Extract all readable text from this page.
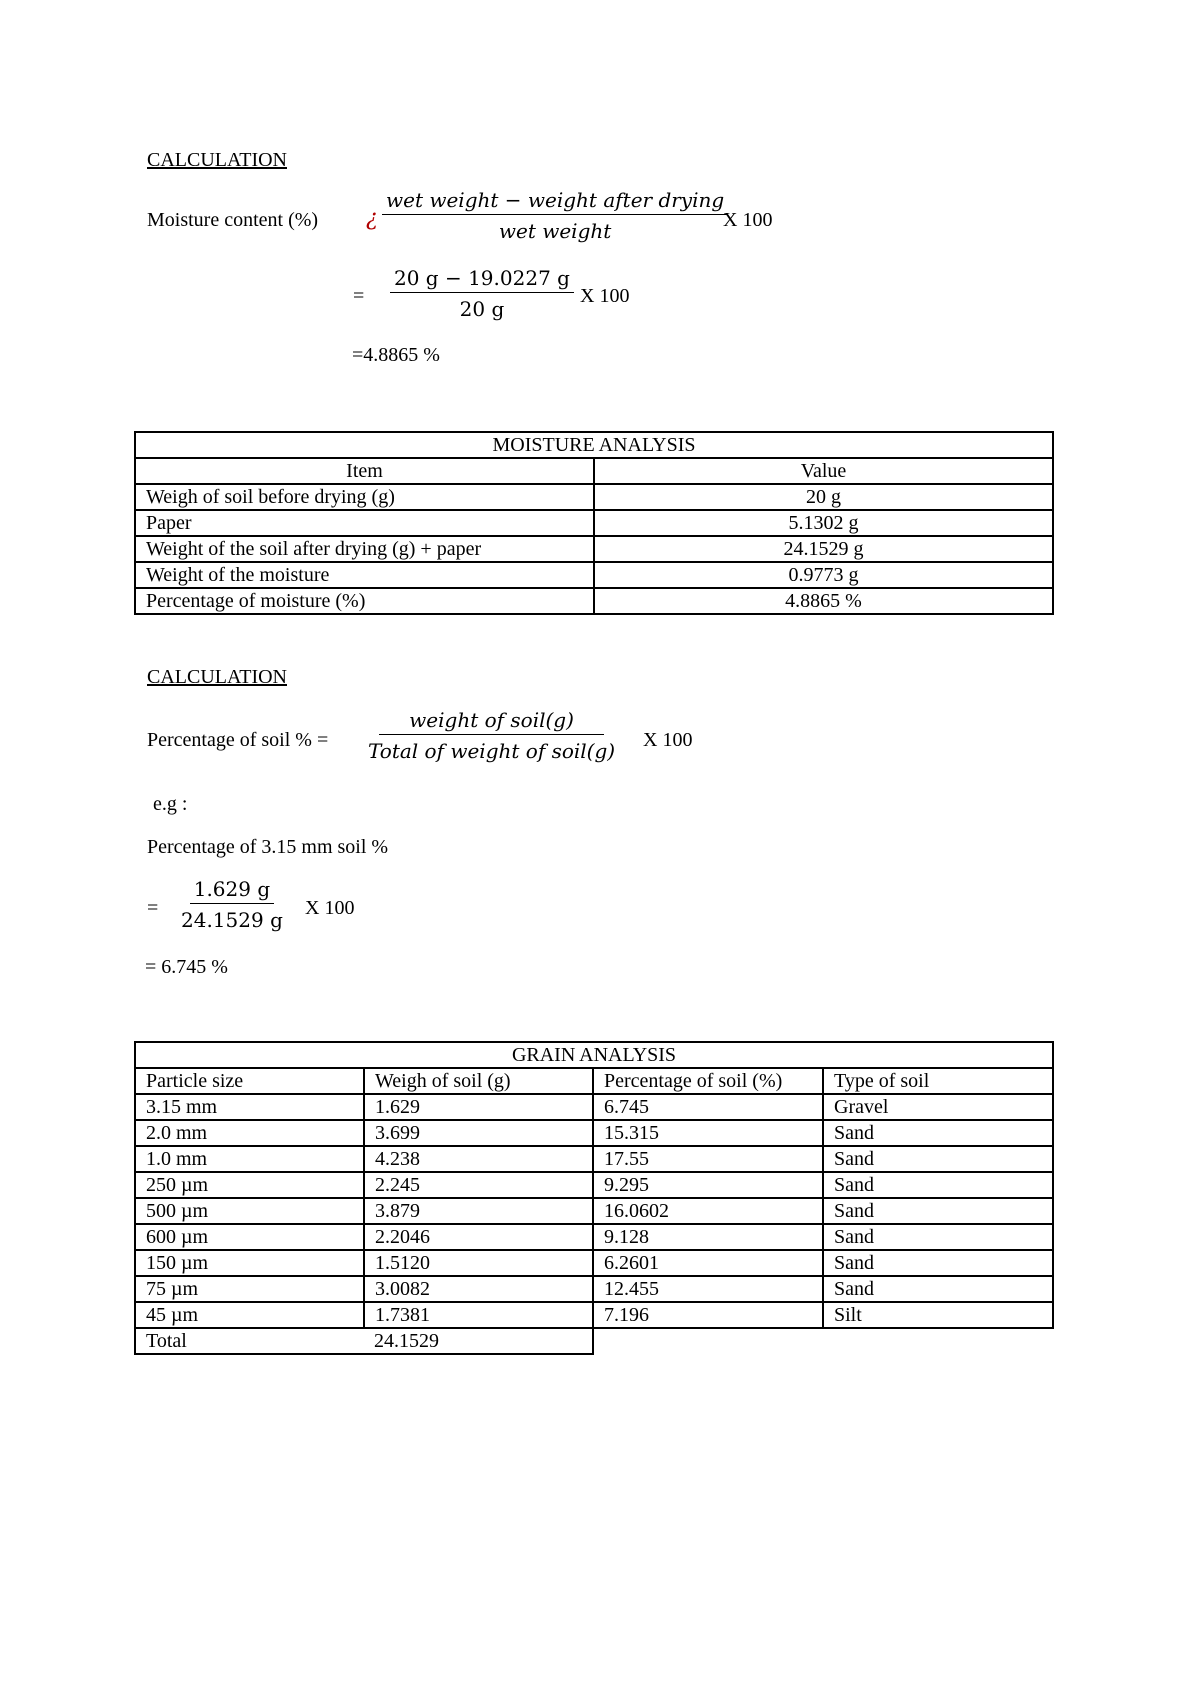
CALCULATION
Moisture content (%) ¿
wet weight − weight after drying
wet weight	X 100
= $\frac{20 g - 19.0227 g}{20 g}$ X 100
=4.8865 %
MOISTURE ANALYSIS	
Item	Value
Weigh of soil before drying (g)	20 g
Paper	5.1302 g
Weight of the soil after drying (g) + paper	24.1529 g
Weight of the moisture	0.9773 g
Percentage of moisture (%)	4.8865 %
CALCULATION
Percentage of soil % =
weight of soil(g)
Total of weight of soil(g) X 100
e.g :
Percentage of 3.15 mm soil %
= $\frac{1.629 g}{24.1529 g}$ X 100
= 6.745 %
GRAIN ANALYSIS			
Particle size	Weigh of soil (g)	Percentage of soil (%)	Type of soil
3.15 mm	1.629	6.745	Gravel
2.0 mm	3.699	15.315	Sand
1.0 mm	4.238	17.55	Sand
250 µm	2.245	9.295	Sand
500 µm	3.879	16.0602	Sand
600 µm	2.2046	9.128	Sand
150 µm	1.5120	6.2601	Sand
75 µm	3.0082	12.455	Sand
45 µm	1.7381	7.196	Silt
Total	24.1529		
